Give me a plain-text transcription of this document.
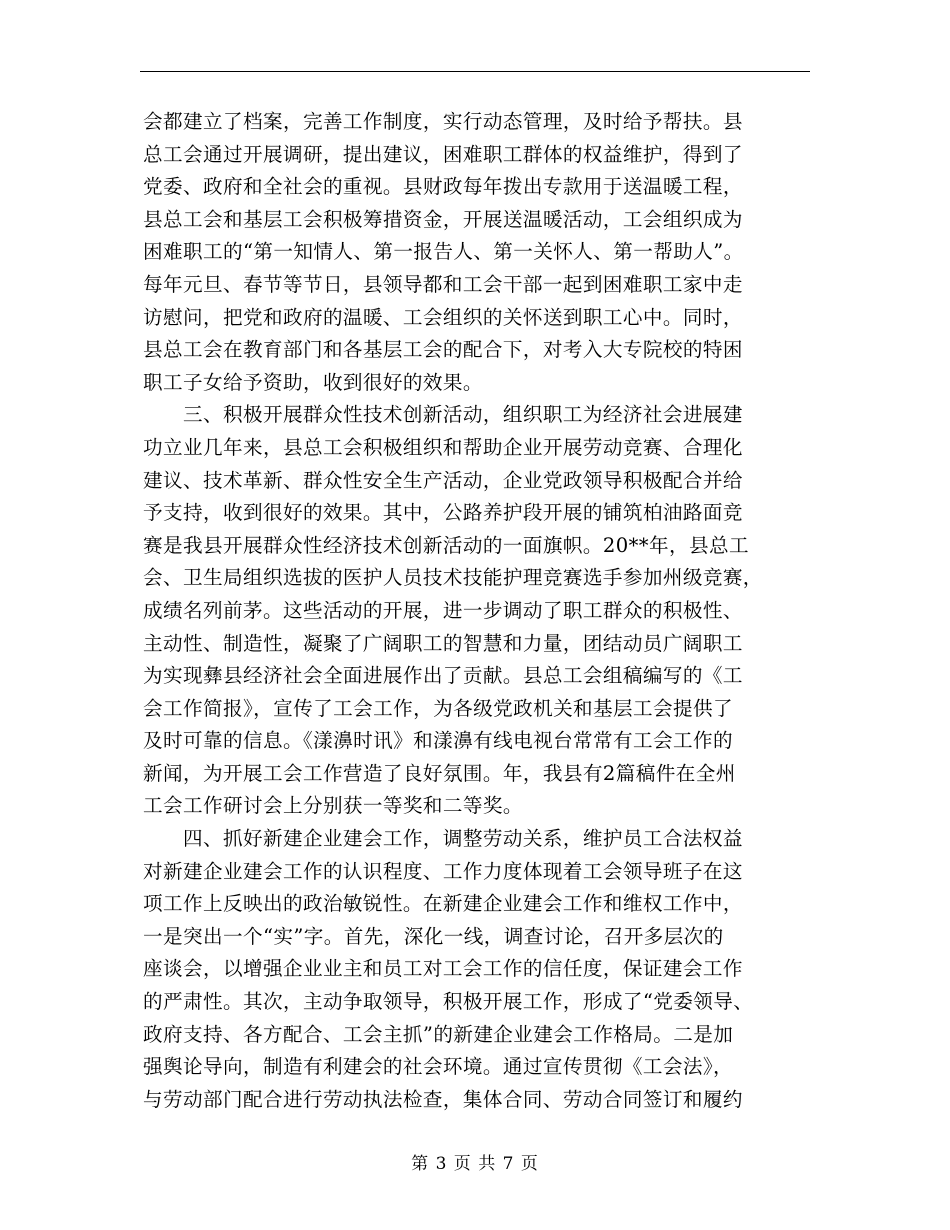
会都建立了档案，完善工作制度，实行动态管理，及时给予帮扶。县
总工会通过开展调研，提出建议，困难职工群体的权益维护，得到了
党委、政府和全社会的重视。县财政每年拨出专款用于送温暖工程，
县总工会和基层工会积极筹措资金，开展送温暖活动，工会组织成为
困难职工的“第一知情人、第一报告人、第一关怀人、第一帮助人”。
每年元旦、春节等节日，县领导都和工会干部一起到困难职工家中走
访慰问，把党和政府的温暖、工会组织的关怀送到职工心中。同时，
县总工会在教育部门和各基层工会的配合下，对考入大专院校的特困
职工子女给予资助，收到很好的效果。
三、积极开展群众性技术创新活动，组织职工为经济社会进展建
功立业几年来，县总工会积极组织和帮助企业开展劳动竞赛、合理化
建议、技术革新、群众性安全生产活动，企业党政领导积极配合并给
予支持，收到很好的效果。其中，公路养护段开展的铺筑柏油路面竞
赛是我县开展群众性经济技术创新活动的一面旗帜。20**年，县总工
会、卫生局组织选拔的医护人员技术技能护理竞赛选手参加州级竞赛，
成绩名列前茅。这些活动的开展，进一步调动了职工群众的积极性、
主动性、制造性，凝聚了广阔职工的智慧和力量，团结动员广阔职工
为实现彝县经济社会全面进展作出了贡献。县总工会组稿编写的《工
会工作简报》，宣传了工会工作，为各级党政机关和基层工会提供了
及时可靠的信息。《漾濞时讯》和漾濞有线电视台常常有工会工作的
新闻，为开展工会工作营造了良好氛围。年，我县有2篇稿件在全州
工会工作研讨会上分别获一等奖和二等奖。
四、抓好新建企业建会工作，调整劳动关系，维护员工合法权益
对新建企业建会工作的认识程度、工作力度体现着工会领导班子在这
项工作上反映出的政治敏锐性。在新建企业建会工作和维权工作中，
一是突出一个“实”字。首先，深化一线，调查讨论，召开多层次的
座谈会，以增强企业业主和员工对工会工作的信任度，保证建会工作
的严肃性。其次，主动争取领导，积极开展工作，形成了“党委领导、
政府支持、各方配合、工会主抓”的新建企业建会工作格局。二是加
强舆论导向，制造有利建会的社会环境。通过宣传贯彻《工会法》，
与劳动部门配合进行劳动执法检查，集体合同、劳动合同签订和履约
第 3 页 共 7 页
